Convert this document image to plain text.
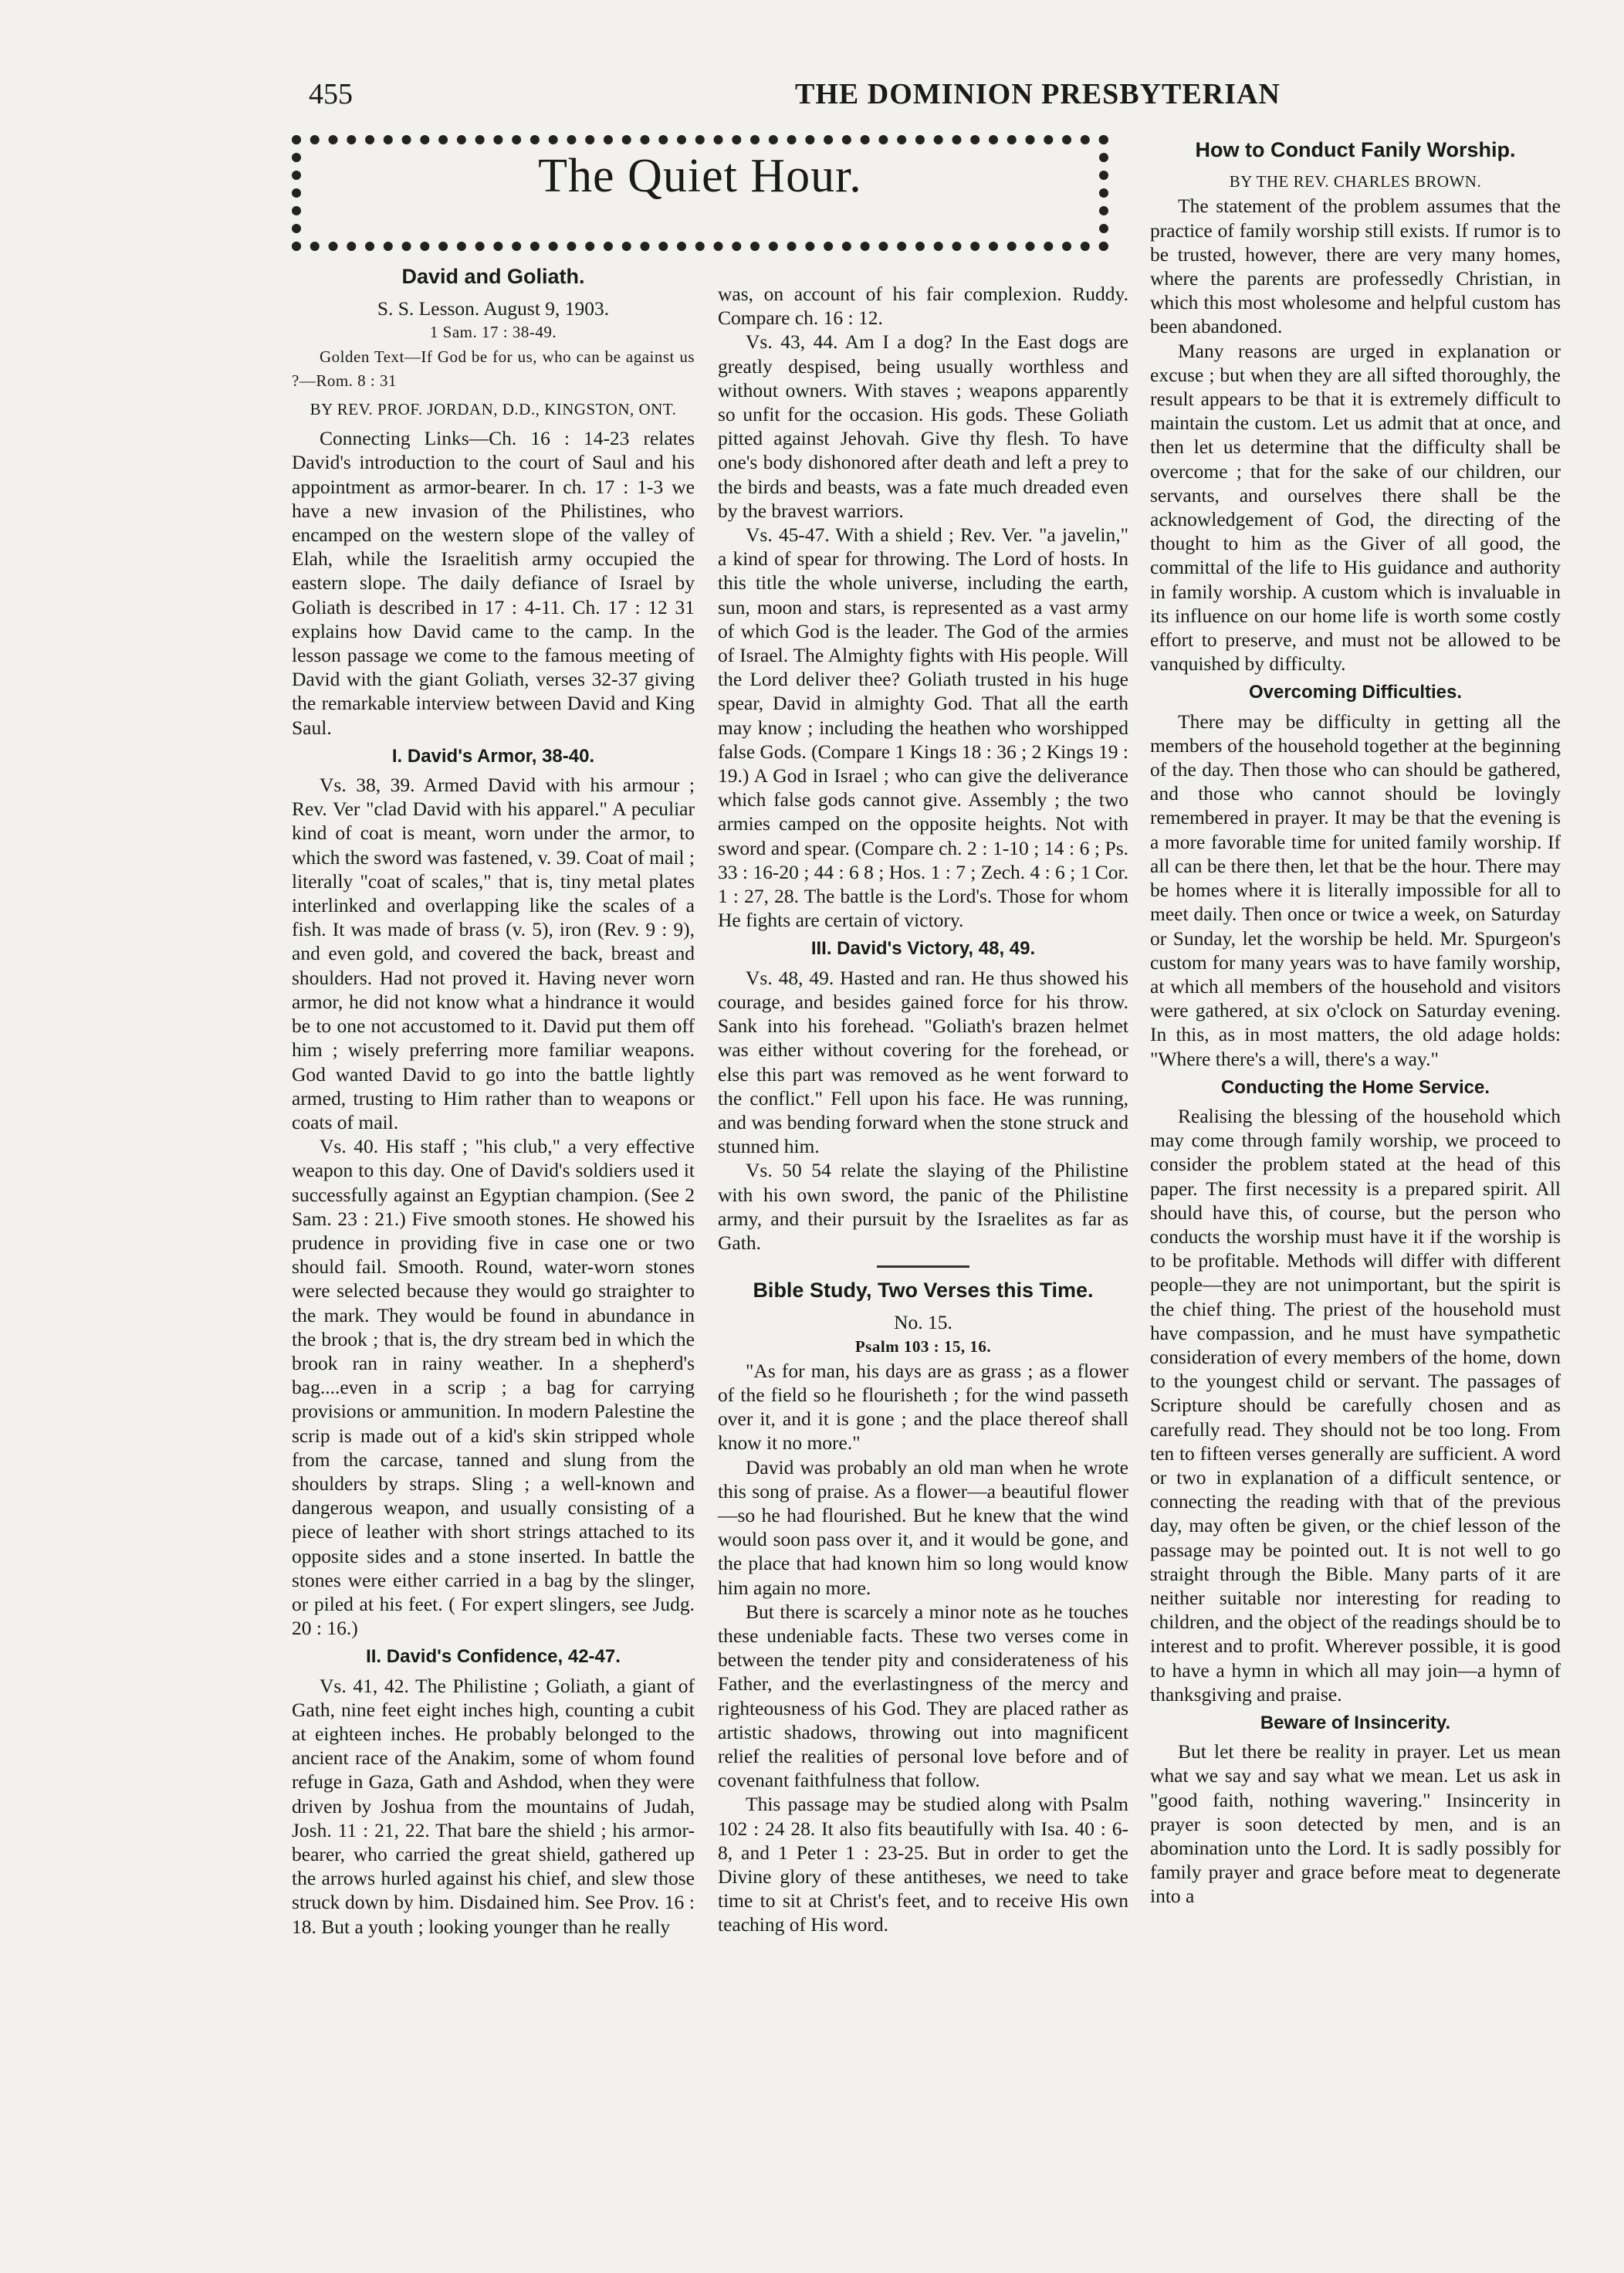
455	THE DOMINION PRESBYTERIAN
The Quiet Hour.
David and Goliath.

S. S. Lesson. August 9, 1903.

1 Sam. 17 : 38-49.

Golden Text—If God be for us, who can be against us ?—Rom. 8 : 31

BY REV. PROF. JORDAN, D.D., KINGSTON, ONT.

Connecting Links—Ch. 16 : 14-23 relates David's introduction to the court of Saul and his appointment as armor-bearer. In ch. 17 : 1-3 we have a new invasion of the Philistines, who encamped on the western slope of the valley of Elah, while the Israelitish army occupied the eastern slope. The daily defiance of Israel by Goliath is described in 17 : 4-11. Ch. 17 : 12 31 explains how David came to the camp. In the lesson passage we come to the famous meeting of David with the giant Goliath, verses 32-37 giving the remarkable interview between David and King Saul.

I. David's Armor, 38-40.

Vs. 38, 39. Armed David with his armour ; Rev. Ver "clad David with his apparel." A peculiar kind of coat is meant, worn under the armor, to which the sword was fastened, v. 39. Coat of mail ; literally "coat of scales," that is, tiny metal plates interlinked and overlapping like the scales of a fish. It was made of brass (v. 5), iron (Rev. 9 : 9), and even gold, and covered the back, breast and shoulders. Had not proved it. Having never worn armor, he did not know what a hindrance it would be to one not accustomed to it. David put them off him ; wisely preferring more familiar weapons. God wanted David to go into the battle lightly armed, trusting to Him rather than to weapons or coats of mail.

Vs. 40. His staff ; "his club," a very effective weapon to this day. One of David's soldiers used it successfully against an Egyptian champion. (See 2 Sam. 23 : 21.) Five smooth stones. He showed his prudence in providing five in case one or two should fail. Smooth. Round, water-worn stones were selected because they would go straighter to the mark. They would be found in abundance in the brook ; that is, the dry stream bed in which the brook ran in rainy weather. In a shepherd's bag....even in a scrip ; a bag for carrying provisions or ammunition. In modern Palestine the scrip is made out of a kid's skin stripped whole from the carcase, tanned and slung from the shoulders by straps. Sling ; a well-known and dangerous weapon, and usually consisting of a piece of leather with short strings attached to its opposite sides and a stone inserted. In battle the stones were either carried in a bag by the slinger, or piled at his feet. ( For expert slingers, see Judg. 20 : 16.)

II. David's Confidence, 42-47.

Vs. 41, 42. The Philistine ; Goliath, a giant of Gath, nine feet eight inches high, counting a cubit at eighteen inches. He probably belonged to the ancient race of the Anakim, some of whom found refuge in Gaza, Gath and Ashdod, when they were driven by Joshua from the mountains of Judah, Josh. 11 : 21, 22. That bare the shield ; his armor-bearer, who carried the great shield, gathered up the arrows hurled against his chief, and slew those struck down by him. Disdained him. See Prov. 16 : 18. But a youth ; looking younger than he really

was, on account of his fair complexion. Ruddy. Compare ch. 16 : 12.

Vs. 43, 44. Am I a dog? In the East dogs are greatly despised, being usually worthless and without owners. With staves ; weapons apparently so unfit for the occasion. His gods. These Goliath pitted against Jehovah. Give thy flesh. To have one's body dishonored after death and left a prey to the birds and beasts, was a fate much dreaded even by the bravest warriors.

Vs. 45-47. With a shield ; Rev. Ver. "a javelin," a kind of spear for throwing. The Lord of hosts. In this title the whole universe, including the earth, sun, moon and stars, is represented as a vast army of which God is the leader. The God of the armies of Israel. The Almighty fights with His people. Will the Lord deliver thee? Goliath trusted in his huge spear, David in almighty God. That all the earth may know ; including the heathen who worshipped false Gods. (Compare 1 Kings 18 : 36 ; 2 Kings 19 : 19.) A God in Israel ; who can give the deliverance which false gods cannot give. Assembly ; the two armies camped on the opposite heights. Not with sword and spear. (Compare ch. 2 : 1-10 ; 14 : 6 ; Ps. 33 : 16-20 ; 44 : 6 8 ; Hos. 1 : 7 ; Zech. 4 : 6 ; 1 Cor. 1 : 27, 28. The battle is the Lord's. Those for whom He fights are certain of victory.

III. David's Victory, 48, 49.

Vs. 48, 49. Hasted and ran. He thus showed his courage, and besides gained force for his throw. Sank into his forehead. "Goliath's brazen helmet was either without covering for the forehead, or else this part was removed as he went forward to the conflict." Fell upon his face. He was running, and was bending forward when the stone struck and stunned him.

Vs. 50 54 relate the slaying of the Philistine with his own sword, the panic of the Philistine army, and their pursuit by the Israelites as far as Gath.

Bible Study, Two Verses this Time.

No. 15.

Psalm 103 : 15, 16.

"As for man, his days are as grass ; as a flower of the field so he flourisheth ; for the wind passeth over it, and it is gone ; and the place thereof shall know it no more."

David was probably an old man when he wrote this song of praise. As a flower—a beautiful flower—so he had flourished. But he knew that the wind would soon pass over it, and it would be gone, and the place that had known him so long would know him again no more.

But there is scarcely a minor note as he touches these undeniable facts. These two verses come in between the tender pity and considerateness of his Father, and the everlastingness of the mercy and righteousness of his God. They are placed rather as artistic shadows, throwing out into magnificent relief the realities of personal love before and of covenant faithfulness that follow.

This passage may be studied along with Psalm 102 : 24 28. It also fits beautifully with Isa. 40 : 6-8, and 1 Peter 1 : 23-25. But in order to get the Divine glory of these antitheses, we need to take time to sit at Christ's feet, and to receive His own teaching of His word.

How to Conduct Fanily Worship.

BY THE REV. CHARLES BROWN.

The statement of the problem assumes that the practice of family worship still exists. If rumor is to be trusted, however, there are very many homes, where the parents are professedly Christian, in which this most wholesome and helpful custom has been abandoned.

Many reasons are urged in explanation or excuse ; but when they are all sifted thoroughly, the result appears to be that it is extremely difficult to maintain the custom. Let us admit that at once, and then let us determine that the difficulty shall be overcome ; that for the sake of our children, our servants, and ourselves there shall be the acknowledgement of God, the directing of the thought to him as the Giver of all good, the committal of the life to His guidance and authority in family worship. A custom which is invaluable in its influence on our home life is worth some costly effort to preserve, and must not be allowed to be vanquished by difficulty.

Overcoming Difficulties.

There may be difficulty in getting all the members of the household together at the beginning of the day. Then those who can should be gathered, and those who cannot should be lovingly remembered in prayer. It may be that the evening is a more favorable time for united family worship. If all can be there then, let that be the hour. There may be homes where it is literally impossible for all to meet daily. Then once or twice a week, on Saturday or Sunday, let the worship be held. Mr. Spurgeon's custom for many years was to have family worship, at which all members of the household and visitors were gathered, at six o'clock on Saturday evening. In this, as in most matters, the old adage holds: "Where there's a will, there's a way."

Conducting the Home Service.

Realising the blessing of the household which may come through family worship, we proceed to consider the problem stated at the head of this paper. The first necessity is a prepared spirit. All should have this, of course, but the person who conducts the worship must have it if the worship is to be profitable. Methods will differ with different people—they are not unimportant, but the spirit is the chief thing. The priest of the household must have compassion, and he must have sympathetic consideration of every members of the home, down to the youngest child or servant. The passages of Scripture should be carefully chosen and as carefully read. They should not be too long. From ten to fifteen verses generally are sufficient. A word or two in explanation of a difficult sentence, or connecting the reading with that of the previous day, may often be given, or the chief lesson of the passage may be pointed out. It is not well to go straight through the Bible. Many parts of it are neither suitable nor interesting for reading to children, and the object of the readings should be to interest and to profit. Wherever possible, it is good to have a hymn in which all may join—a hymn of thanksgiving and praise.

Beware of Insincerity.

But let there be reality in prayer. Let us mean what we say and say what we mean. Let us ask in "good faith, nothing wavering." Insincerity in prayer is soon detected by men, and is an abomination unto the Lord. It is sadly possibly for family prayer and grace before meat to degenerate into a
